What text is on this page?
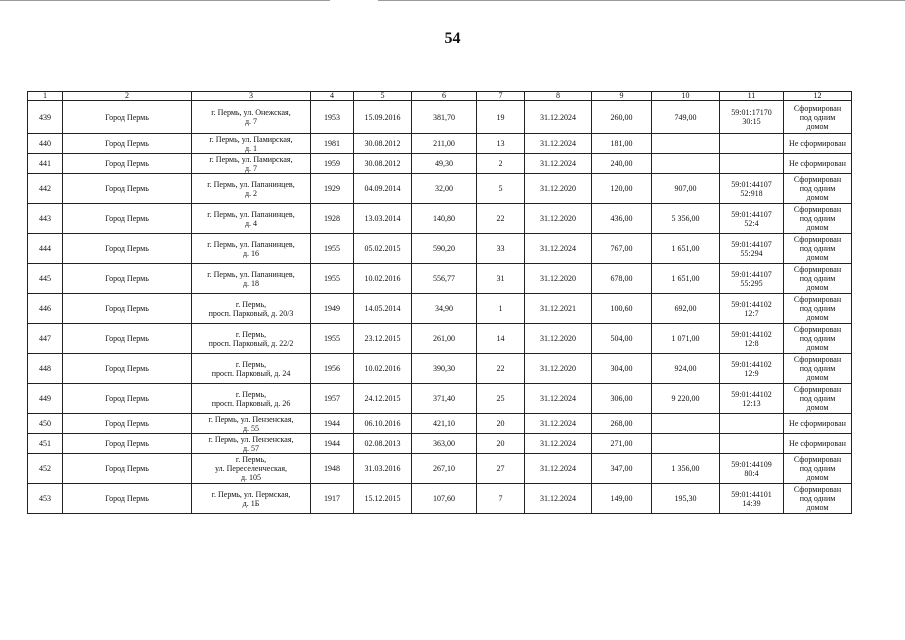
54
1	2	3	4	5	6	7	8	9	10	11	12
439	Город Пермь	г. Пермь, ул. Онежская,
д. 7	1953	15.09.2016	381,70	19	31.12.2024	260,00	749,00	59:01:17170
30:15	Сформирован
под одним
домом
440	Город Пермь	г. Пермь, ул. Памирская,
д. 1	1981	30.08.2012	211,00	13	31.12.2024	181,00			Не сформирован
441	Город Пермь	г. Пермь, ул. Памирская,
д. 7	1959	30.08.2012	49,30	2	31.12.2024	240,00			Не сформирован
442	Город Пермь	г. Пермь, ул. Папанинцев,
д. 2	1929	04.09.2014	32,00	5	31.12.2020	120,00	907,00	59:01:44107
52:918	Сформирован
под одним
домом
443	Город Пермь	г. Пермь, ул. Папанинцев,
д. 4	1928	13.03.2014	140,80	22	31.12.2020	436,00	5 356,00	59:01:44107
52:4	Сформирован
под одним
домом
444	Город Пермь	г. Пермь, ул. Папанинцев,
д. 16	1955	05.02.2015	590,20	33	31.12.2024	767,00	1 651,00	59:01:44107
55:294	Сформирован
под одним
домом
445	Город Пермь	г. Пермь, ул. Папанинцев,
д. 18	1955	10.02.2016	556,77	31	31.12.2020	678,00	1 651,00	59:01:44107
55:295	Сформирован
под одним
домом
446	Город Пермь	г. Пермь,
просп. Парковый, д. 20/3	1949	14.05.2014	34,90	1	31.12.2021	100,60	692,00	59:01:44102
12:7	Сформирован
под одним
домом
447	Город Пермь	г. Пермь,
просп. Парковый, д. 22/2	1955	23.12.2015	261,00	14	31.12.2020	504,00	1 071,00	59:01:44102
12:8	Сформирован
под одним
домом
448	Город Пермь	г. Пермь,
просп. Парковый, д. 24	1956	10.02.2016	390,30	22	31.12.2020	304,00	924,00	59:01:44102
12:9	Сформирован
под одним
домом
449	Город Пермь	г. Пермь,
просп. Парковый, д. 26	1957	24.12.2015	371,40	25	31.12.2024	306,00	9 220,00	59:01:44102
12:13	Сформирован
под одним
домом
450	Город Пермь	г. Пермь, ул. Пензенская,
д. 55	1944	06.10.2016	421,10	20	31.12.2024	268,00			Не сформирован
451	Город Пермь	г. Пермь, ул. Пензенская,
д. 57	1944	02.08.2013	363,00	20	31.12.2024	271,00			Не сформирован
452	Город Пермь	г. Пермь,
ул. Переселенческая,
д. 105	1948	31.03.2016	267,10	27	31.12.2024	347,00	1 356,00	59:01:44109
80:4	Сформирован
под одним
домом
453	Город Пермь	г. Пермь, ул. Пермская,
д. 1Б	1917	15.12.2015	107,60	7	31.12.2024	149,00	195,30	59:01:44101
14:39	Сформирован
под одним
домом
